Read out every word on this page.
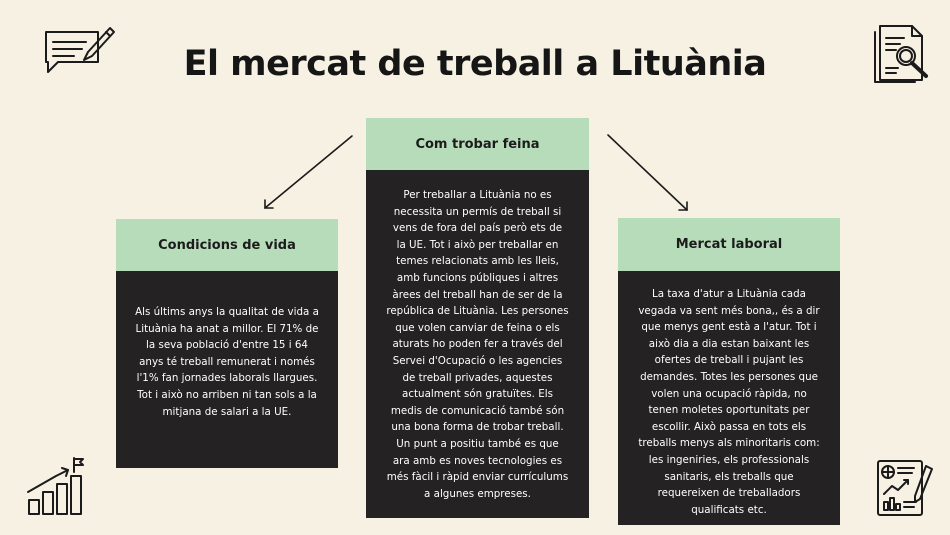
El mercat de treball a Lituània
Condicions de vida
Als últims anys la qualitat de vida a
Lituània ha anat a millor. El 71% de
la seva població d'entre 15 i 64
anys té treball remunerat i només
l'1% fan jornades laborals llargues.
Tot i això no arriben ni tan sols a la
mitjana de salari a la UE.
Com trobar feina
Per treballar a Lituània no es
necessita un permís de treball si
vens de fora del país però ets de
la UE. Tot i això per treballar en
temes relacionats amb les lleis,
amb funcions públiques i altres
àrees del treball han de ser de la
república de Lituània. Les persones
que volen canviar de feina o els
aturats ho poden fer a través del
Servei d'Ocupació o les agencies
de treball privades, aquestes
actualment són gratuïtes. Els
medis de comunicació també són
una bona forma de trobar treball.
Un punt a positiu també es que
ara amb es noves tecnologies es
més fàcil i ràpid enviar currículums
a algunes empreses.
Mercat laboral
La taxa d'atur a Lituània cada
vegada va sent més bona,, és a dir
que menys gent està a l'atur. Tot i
això dia a dia estan baixant les
ofertes de treball i pujant les
demandes. Totes les persones que
volen una ocupació ràpida, no
tenen moletes oportunitats per
escollir. Això passa en tots els
treballs menys als minoritaris com:
les ingeniries, els professionals
sanitaris, els treballs que
requereixen de treballadors
qualificats etc.
